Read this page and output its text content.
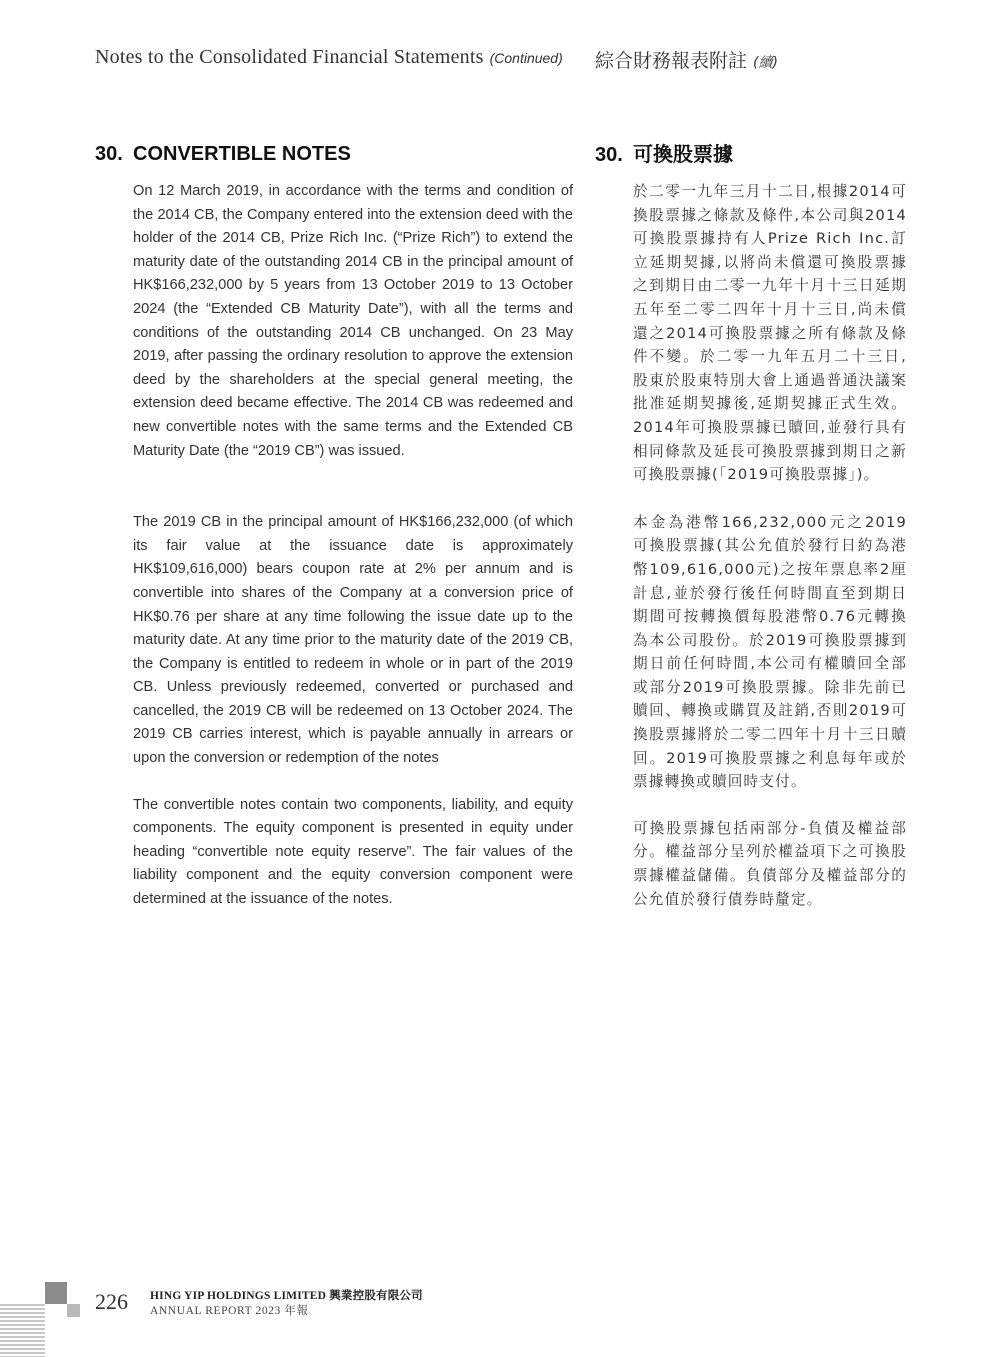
Notes to the Consolidated Financial Statements (Continued) 綜合財務報表附註 (續)
30. CONVERTIBLE NOTES

On 12 March 2019, in accordance with the terms and condition of the 2014 CB, the Company entered into the extension deed with the holder of the 2014 CB, Prize Rich Inc. (“Prize Rich”) to extend the maturity date of the outstanding 2014 CB in the principal amount of HK$166,232,000 by 5 years from 13 October 2019 to 13 October 2024 (the “Extended CB Maturity Date”), with all the terms and conditions of the outstanding 2014 CB unchanged. On 23 May 2019, after passing the ordinary resolution to approve the extension deed by the shareholders at the special general meeting, the extension deed became effective. The 2014 CB was redeemed and new convertible notes with the same terms and the Extended CB Maturity Date (the “2019 CB”) was issued.

The 2019 CB in the principal amount of HK$166,232,000 (of which its fair value at the issuance date is approximately HK$109,616,000) bears coupon rate at 2% per annum and is convertible into shares of the Company at a conversion price of HK$0.76 per share at any time following the issue date up to the maturity date. At any time prior to the maturity date of the 2019 CB, the Company is entitled to redeem in whole or in part of the 2019 CB. Unless previously redeemed, converted or purchased and cancelled, the 2019 CB will be redeemed on 13 October 2024. The 2019 CB carries interest, which is payable annually in arrears or upon the conversion or redemption of the notes

The convertible notes contain two components, liability, and equity components. The equity component is presented in equity under heading “convertible note equity reserve”. The fair values of the liability component and the equity conversion component were determined at the issuance of the notes.

30. 可換股票據

於二零一九年三月十二日,根據2014可換股票據之條款及條件,本公司與2014可換股票據持有人Prize Rich Inc.訂立延期契據,以將尚未償還可換股票據之到期日由二零一九年十月十三日延期五年至二零二四年十月十三日,尚未償還之2014可換股票據之所有條款及條件不變。於二零一九年五月二十三日,股東於股東特別大會上通過普通決議案批准延期契據後,延期契據正式生效。2014年可換股票據已贖回,並發行具有相同條款及延長可換股票據到期日之新可換股票據(「2019可換股票據」)。

本金為港幣166,232,000元之2019可換股票據(其公允值於發行日約為港幣109,616,000元)之按年票息率2厘計息,並於發行後任何時間直至到期日期間可按轉換價每股港幣0.76元轉換為本公司股份。於2019可換股票據到期日前任何時間,本公司有權贖回全部或部分2019可換股票據。除非先前已贖回、轉換或購買及註銷,否則2019可換股票據將於二零二四年十月十三日贖回。2019可換股票據之利息每年或於票據轉換或贖回時支付。

可換股票據包括兩部分-負債及權益部分。權益部分呈列於權益項下之可換股票據權益儲備。負債部分及權益部分的公允值於發行債券時釐定。

226 HING YIP HOLDINGS LIMITED 興業控股有限公司
ANNUAL REPORT 2023 年報
